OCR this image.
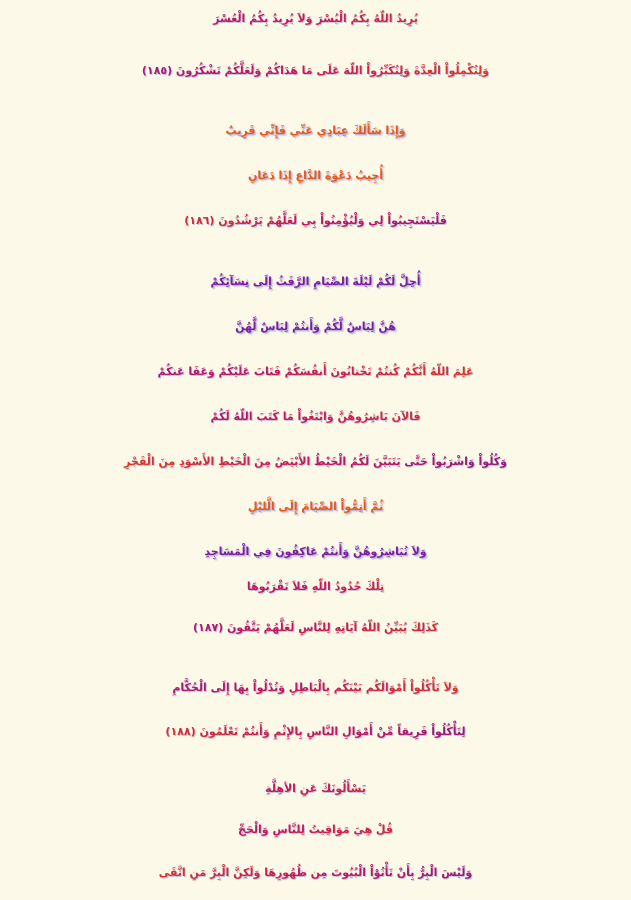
يُرِيدُ اللّهُ بِكُمُ الْيُسْرَ وَلاَ يُرِيدُ بِكُمُ الْعُسْرَ
وَلِتُكْمِلُواْ الْعِدَّةَ وَلِتُكَبِّرُواْ اللّهَ عَلَى مَا هَدَاكُمْ وَلَعَلَّكُمْ تَشْكُرُونَ (١٨٥)
وَإِذَا سَأَلَكَ عِبَادِي عَنِّي فَإِنِّي قَرِيبٌ
أُجِيبُ دَعْوَةَ الدَّاعِ إِذَا دَعَانِ
فَلْيَسْتَجِيبُواْ لِي وَلْيُؤْمِنُواْ بِي لَعَلَّهُمْ يَرْشُدُونَ (١٨٦)
أُحِلَّ لَكُمْ لَيْلَةَ الصِّيَامِ الرَّفَثُ إِلَى نِسَآئِكُمْ
هُنَّ لِبَاسٌ لَّكُمْ وَأَنتُمْ لِبَاسٌ لَّهُنَّ
عَلِمَ اللّهُ أَنَّكُمْ كُنتُمْ تَخْتانُونَ أَنفُسَكُمْ فَتَابَ عَلَيْكُمْ وَعَفَا عَنكُمْ
فَالآنَ بَاشِرُوهُنَّ وَابْتَغُواْ مَا كَتَبَ اللّهُ لَكُمْ
وَكُلُواْ وَاشْرَبُواْ حَتَّى يَتَبَيَّنَ لَكُمُ الْخَيْطُ الأَبْيَضُ مِنَ الْخَيْطِ الأَسْوَدِ مِنَ الْفَجْرِ
ثُمَّ أَتِمُّواْ الصِّيَامَ إِلَى الَّليْلِ
وَلاَ تُبَاشِرُوهُنَّ وَأَنتُمْ عَاكِفُونَ فِي الْمَسَاجِدِ
تِلْكَ حُدُودُ اللّهِ فَلاَ تَقْرَبُوهَا
كَذَلِكَ يُبَيِّنُ اللّهُ آيَاتِهِ لِلنَّاسِ لَعَلَّهُمْ يَتَّقُونَ (١٨٧)
وَلاَ تَأْكُلُواْ أَمْوَالَكُم بَيْنَكُم بِالْبَاطِلِ وَتُدْلُواْ بِهَا إِلَى الْحُكَّامِ
لِتَأْكُلُواْ فَرِيقاً مِّنْ أَمْوَالِ النَّاسِ بِالإِثْمِ وَأَنتُمْ تَعْلَمُونَ (١٨٨)
يَسْأَلُونَكَ عَنِ الأهِلَّةِ
قُلْ هِيَ مَوَاقِيتُ لِلنَّاسِ وَالْحَجِّ
وَلَيْسَ الْبِرُّ بِأَنْ تَأْتُوْاْ الْبُيُوتَ مِن ظُهُورِهَا وَلَكِنَّ الْبِرَّ مَنِ اتَّقَى
